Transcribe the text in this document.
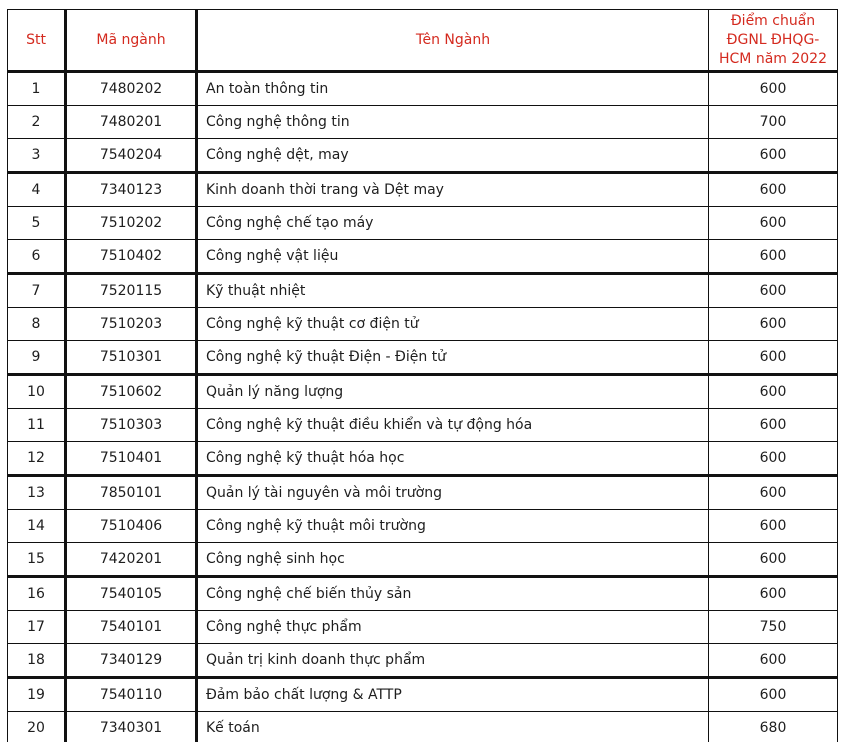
Stt	Mã ngành	Tên Ngành	Điểm chuẩn ĐGNL ĐHQG-HCM năm 2022
1	7480202	An toàn thông tin	600
2	7480201	Công nghệ thông tin	700
3	7540204	Công nghệ dệt, may	600
4	7340123	Kinh doanh thời trang và Dệt may	600
5	7510202	Công nghệ chế tạo máy	600
6	7510402	Công nghệ vật liệu	600
7	7520115	Kỹ thuật nhiệt	600
8	7510203	Công nghệ kỹ thuật cơ điện tử	600
9	7510301	Công nghệ kỹ thuật Điện - Điện tử	600
10	7510602	Quản lý năng lượng	600
11	7510303	Công nghệ kỹ thuật điều khiển và tự động hóa	600
12	7510401	Công nghệ kỹ thuật hóa học	600
13	7850101	Quản lý tài nguyên và môi trường	600
14	7510406	Công nghệ kỹ thuật môi trường	600
15	7420201	Công nghệ sinh học	600
16	7540105	Công nghệ chế biến thủy sản	600
17	7540101	Công nghệ thực phẩm	750
18	7340129	Quản trị kinh doanh thực phẩm	600
19	7540110	Đảm bảo chất lượng & ATTP	600
20	7340301	Kế toán	680
